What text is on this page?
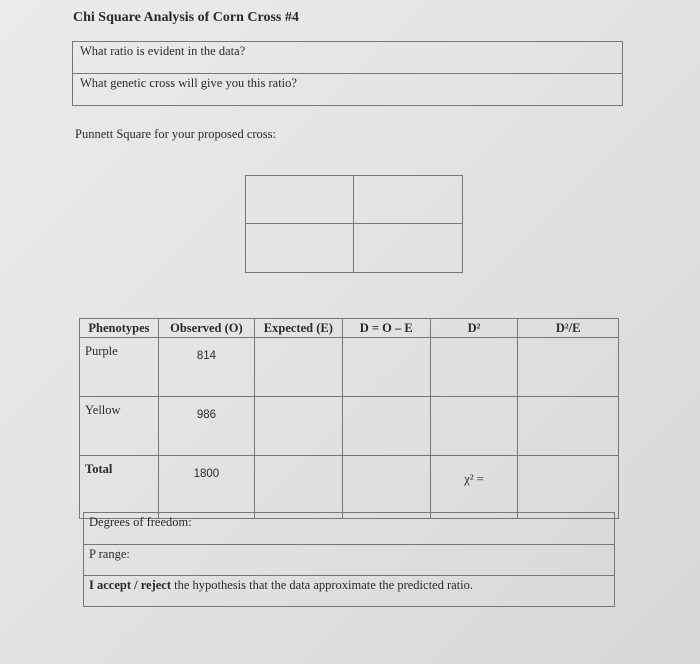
Chi Square Analysis of Corn Cross #4
What ratio is evident in the data?
What genetic cross will give you this ratio?
Punnett Square for your proposed cross:
Phenotypes	Observed (O)	Expected (E)	D = O – E	D²	D²/E
Purple	814				
Yellow	986				
Total	1800			χ² =	
Degrees of freedom:
P range:
I accept / reject the hypothesis that the data approximate the predicted ratio.
